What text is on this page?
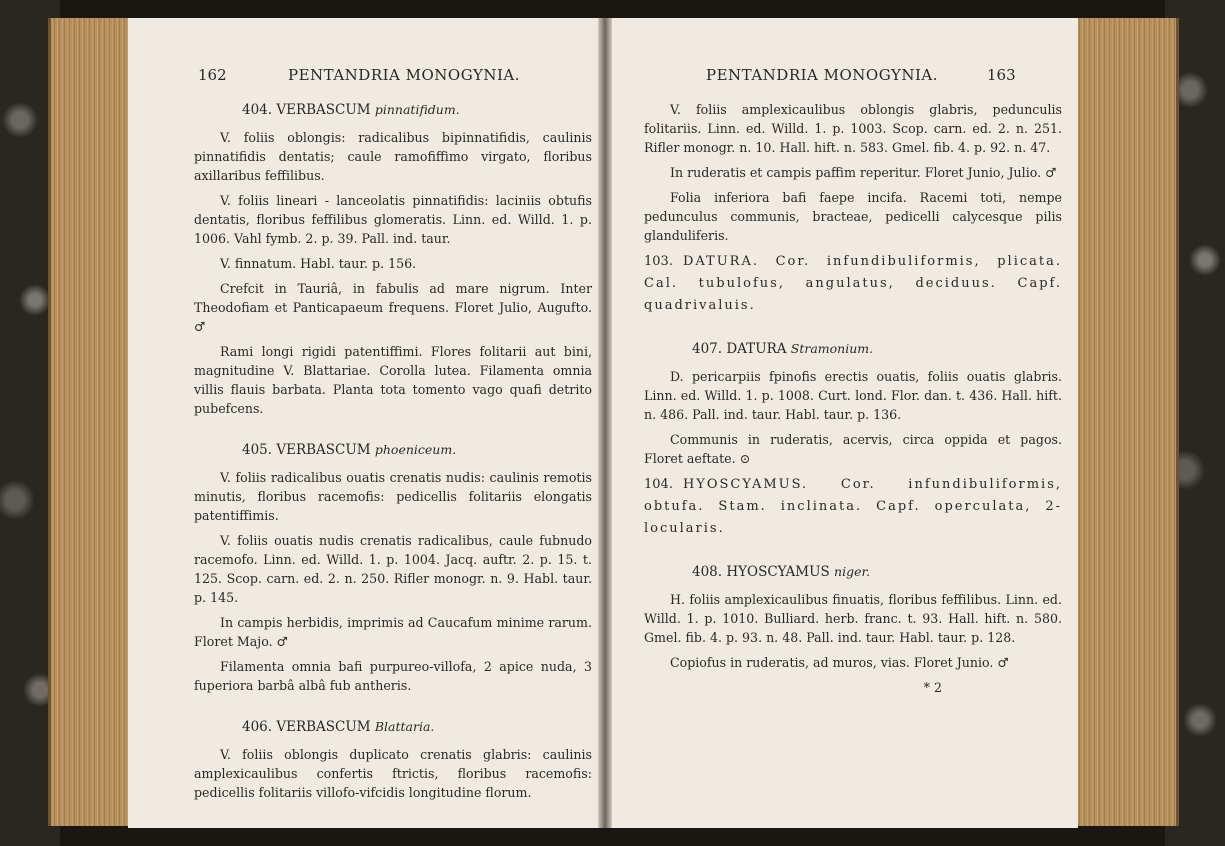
162	PENTANDRIA MONOGYNIA.
404. VERBASCUM pinnatifidum.

V. foliis oblongis: radicalibus bipinnatifidis, caulinis pinnatifidis dentatis; caule ramofiffimo virgato, floribus axillaribus feffilibus.

V. foliis lineari - lanceolatis pinnatifidis: laciniis obtufis dentatis, floribus feffilibus glomeratis. Linn. ed. Willd. 1. p. 1006. Vahl fymb. 2. p. 39. Pall. ind. taur.

V. finnatum. Habl. taur. p. 156.

Crefcit in Tauriâ, in fabulis ad mare nigrum. Inter Theodofiam et Panticapaeum frequens. Floret Julio, Augufto. ♂

Rami longi rigidi patentiffimi. Flores folitarii aut bini, magnitudine V. Blattariae. Corolla lutea. Filamenta omnia villis flauis barbata. Planta tota tomento vago quafi detrito pubefcens.

405. VERBASCUM phoeniceum.

V. foliis radicalibus ouatis crenatis nudis: caulinis remotis minutis, floribus racemofis: pedicellis folitariis elongatis patentiffimis.

V. foliis ouatis nudis crenatis radicalibus, caule fubnudo racemofo. Linn. ed. Willd. 1. p. 1004. Jacq. auftr. 2. p. 15. t. 125. Scop. carn. ed. 2. n. 250. Rifler monogr. n. 9. Habl. taur. p. 145.

In campis herbidis, imprimis ad Caucafum minime rarum. Floret Majo. ♂

Filamenta omnia bafi purpureo-villofa, 2 apice nuda, 3 fuperiora barbâ albâ fub antheris.

406. VERBASCUM Blattaria.

V. foliis oblongis duplicato crenatis glabris: caulinis amplexicaulibus confertis ftrictis, floribus racemofis: pedicellis folitariis villofo-vifcidis longitudine florum.

PENTANDRIA MONOGYNIA.	163

V. foliis amplexicaulibus oblongis glabris, pedunculis folitariis. Linn. ed. Willd. 1. p. 1003. Scop. carn. ed. 2. n. 251. Rifler monogr. n. 10. Hall. hift. n. 583. Gmel. fib. 4. p. 92. n. 47.

In ruderatis et campis paffim reperitur. Floret Junio, Julio. ♂

Folia inferiora bafi faepe incifa. Racemi toti, nempe pedunculus communis, bracteae, pedicelli calycesque pilis glanduliferis.

103. DATURA. Cor. infundibuliformis, plicata. Cal. tubulofus, angulatus, deciduus. Capf. quadrivaluis.

407. DATURA Stramonium.

D. pericarpiis fpinofis erectis ouatis, foliis ouatis glabris. Linn. ed. Willd. 1. p. 1008. Curt. lond. Flor. dan. t. 436. Hall. hift. n. 486. Pall. ind. taur. Habl. taur. p. 136.

Communis in ruderatis, acervis, circa oppida et pagos. Floret aeftate. ⊙

104. HYOSCYAMUS. Cor. infundibuliformis, obtufa. Stam. inclinata. Capf. operculata, 2-locularis.

408. HYOSCYAMUS niger.

H. foliis amplexicaulibus finuatis, floribus feffilibus. Linn. ed. Willd. 1. p. 1010. Bulliard. herb. franc. t. 93. Hall. hift. n. 580. Gmel. fib. 4. p. 93. n. 48. Pall. ind. taur. Habl. taur. p. 128.

Copiofus in ruderatis, ad muros, vias. Floret Junio. ♂

* 2
